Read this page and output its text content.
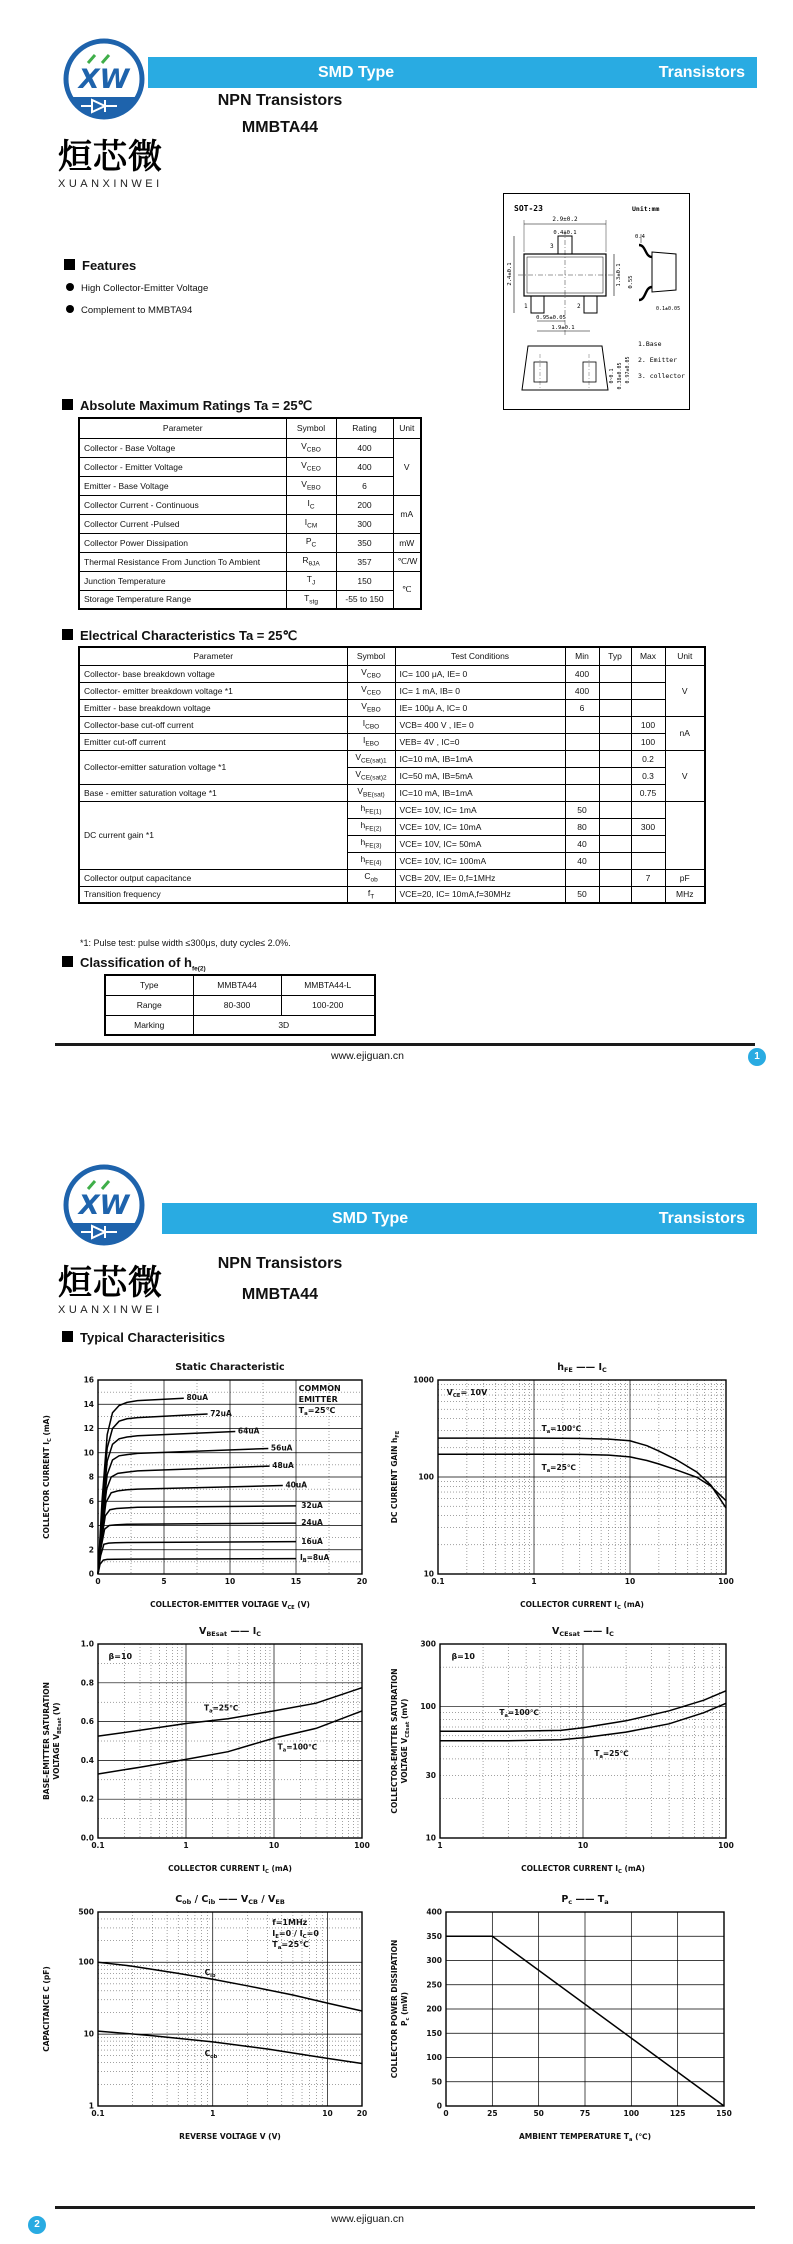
XW
烜芯微
XUANXINWEI
SMD Type	Transistors
NPN Transistors
MMBTA44
Features
High Collector-Emitter Voltage
Complement to MMBTA94
SOT-23	Unit:mm
3
1	2
2.9±0.2
0.4±0.1
2.4±0.1	1.3±0.1
0.95±0.05
1.9±0.1
0.4
0.55
0.1±0.05
0~0.1 0.38±0.05 0.97±0.05
1.Base
2. Emitter
3. collector
Absolute Maximum Ratings Ta = 25℃
Parameter	Symbol	Rating	Unit
Collector - Base Voltage	$V_{CBO}$	400	V
Collector - Emitter Voltage	$V_{CEO}$	400	
Emitter - Base Voltage	$V_{EBO}$	6	
Collector Current - Continuous	$I_C$	200	mA
Collector Current -Pulsed	$I_{CM}$	300	
Collector Power Dissipation	$P_C$	350	mW
Thermal Resistance From Junction To Ambient	$R_{\theta JA}$	357	℃/W
Junction Temperature	$T_J$	150	℃
Storage Temperature Range	$T_{stg}$	-55 to 150	
Electrical Characteristics Ta = 25℃
Parameter	Symbol	Test Conditions	Min	Typ	Max	Unit
Collector- base breakdown voltage	$V_{CBO}$	IC= 100 μA, IE= 0	400			V
Collector- emitter breakdown voltage *1	$V_{CEO}$	IC= 1 mA, IB= 0	400			
Emitter - base breakdown voltage	$V_{EBO}$	IE= 100μ A, IC= 0	6			
Collector-base cut-off current	$I_{CBO}$	VCB= 400 V , IE= 0			100	nA
Emitter cut-off current	$I_{EBO}$	VEB= 4V , IC=0			100	
Collector-emitter saturation voltage *1	$V_{CE(sat)1}$	IC=10 mA, IB=1mA			0.2	V
	$V_{CE(sat)2}$	IC=50 mA, IB=5mA			0.3	
Base - emitter saturation voltage *1	$V_{BE(sat)}$	IC=10 mA, IB=1mA			0.75	
DC current gain *1	$h_{FE(1)}$	VCE= 10V, IC= 1mA	50			
	$h_{FE(2)}$	VCE= 10V, IC= 10mA	80		300	
	$h_{FE(3)}$	VCE= 10V, IC= 50mA	40			
	$h_{FE(4)}$	VCE= 10V, IC= 100mA	40			
Collector output capacitance	$C_{ob}$	VCB= 20V, IE= 0,f=1MHz			7	pF
Transition frequency	$f_T$	VCE=20, IC= 10mA,f=30MHz	50			MHz
*1: Pulse test: pulse width ≤300μs, duty cycle≤ 2.0%.
Classification of $h_{fe(2)}$
Type	MMBTA44	MMBTA44-L
Range	80-300	100-200
Marking	3D	
www.ejiguan.cn	1
XW
烜芯微
XUANXINWEI
SMD Type	Transistors
NPN Transistors
MMBTA44
Typical Characterisitics
0	5	10	15	20
0
2
4
6
8
10
12
14
16
Static Characteristic
COLLECTOR-EMITTER VOLTAGE $V_{CE}$ (V)
COLLECTOR CURRENT $I_C$ (mA)
COMMON
EMITTER
$T_a=25℃$
80uA
72uA
64uA
56uA
48uA
40uA
32uA
24uA
16uA
$I_B=8uA$
0.1	1	10	100
10
100
1000
$h_{FE}$ —— $I_C$
COLLECTOR CURRENT $I_C$ (mA)
DC CURRENT GAIN $h_{FE}$
$V_{CE}= 10V$
$T_a=100℃$
$T_a=25℃$
0.1	1	10	100
0.0
0.2
0.4
0.6
0.8
1.0
$V_{BEsat}$ —— $I_C$
COLLECTOR CURRENT $I_C$ (mA)
BASE-EMITTER SATURATION VOLTAGE $V_{BEsat}$ (V)
β=10
$T_a=25℃$
$T_a=100℃$
1	10	100
10
30
100
300
$V_{CEsat}$ —— $I_C$
COLLECTOR CURRENT $I_C$ (mA)
COLLECTOR-EMITTER SATURATION VOLTAGE $V_{CEsat}$ (mV)
β=10
$T_a=100℃$
$T_a=25℃$
0.1	1	10	20
1
10
100
500
$C_{ob} / C_{ib}$ —— $V_{CB} / V_{EB}$
REVERSE VOLTAGE V (V)
CAPACITANCE C (pF)
f=1MHz
$I_E=0 / I_C=0$
$T_a=25℃$
$C_{ib}$
$C_{ob}$
0	25	50	75	100	125	150
0
50
100
150
200
250
300
350
400
$P_c$ —— $T_a$
AMBIENT TEMPERATURE $T_a$ (℃)
COLLECTOR POWER DISSIPATION $P_c$ (mW)
www.ejiguan.cn
2
